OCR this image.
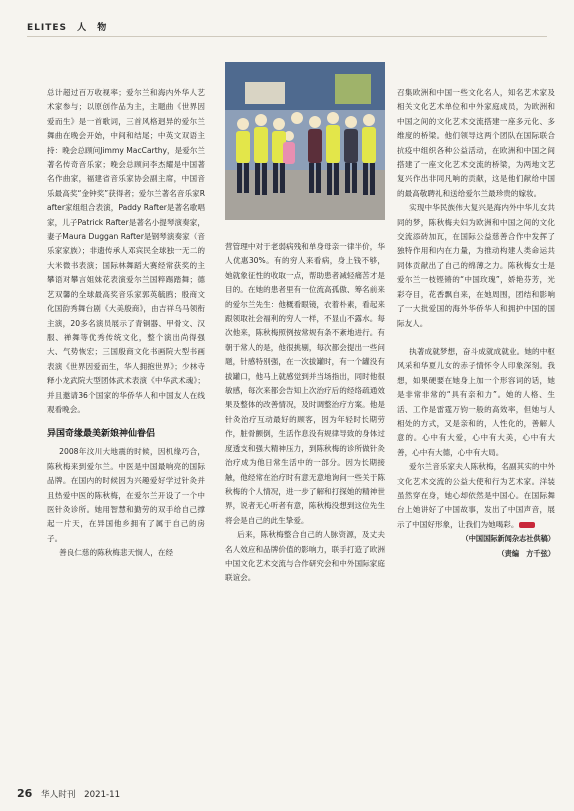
ELITES 人 物

总计超过百万收视率；爱尔兰和海内外华人艺术家参与；以原创作品为主，主题曲《世界因爱而生》是一首歌词，三首风格迥异的爱尔兰舞曲在晚会开始，中间和结尾；中英文双语主持：晚会总顾问Jimmy MacCarthy，是爱尔兰著名传奇音乐家；晚会总顾问李杰耀是中国著名作曲家，福建省音乐家协会副主席，中国音乐最高奖“金钟奖”获得者；爱尔兰著名音乐家Rafter家组组合表演，Paddy Rafter是著名歌唱家，儿子Patrick Rafter是著名小提琴演奏家，妻子Maura Duggan Rafter是钢琴演奏家（音乐家家族）；非遗传承人邓宾民全球独一无二的大米微书表演；国际林舞蹈大赛经常获奖的主攀语对攀言姐妹花表演爱尔兰国粹踢踏舞；德艺双馨的全球最高奖音乐家郭英毓鸥；殷商文化国韵秀舞台剧《大美殷商》，由吉祥乌马领衔主演，20多名演员展示了青铜器、甲骨文、汉服、禅舞等优秀传统文化，整个演出尚得强大、气势恢宏；三国殷商文化书画院大型书画表演《世界因爱而生，华人拥抱世界》；少林寺释小龙武院大型团体武术表演《中华武术魂》；并且邀请36个国家的华侨华人和中国友人在线观看晚会。

异国奇缘最美新娘神仙眷侣

2008年汶川大地震的时候，因机缘巧合，陈秋梅来到爱尔兰。中医是中国最响亮的国际品牌。在国内的时候因为兴趣爱好学过针灸并且热爱中医的陈秋梅，在爱尔兰开设了一个中医针灸诊所。她用智慧和勤劳的双手给自己撑起一片天，在异国他乡拥有了属于自己的房子。

善良仁慈的陈秋梅悲天悯人，在经

营管理中对于老弱病残和单身母亲一律半价，华人优惠30%。有的穷人来看病，身上钱不够，她就象征性的收取一点，帮助患者减轻痛苦才是目的。在她的患者里有一位流高孤傲、筹名前来的爱尔兰先生：他概看眼镜，衣着朴素，看起来跟领取社会福利的穷人一样，不显山不露水。每次他来，陈秋梅照例按常规有条不紊地进行。有朝于常人的是，他很挑剔，每次都会提出一些问题，针感特别强，在一次拔罐时，有一个罐没有拔罐口，他马上就感觉到并当场指出，同时他很敏感，每次来都会告知上次治疗后的经络疏通效果及整体的改善情况，及时调整治疗方案。他是针灸治疗互动最好的顾客，因为年轻时长期劳作，脏骨颤倒，生活作息没有规律导致的身体过度透支和强大精神压力，到陈秋梅的诊所做针灸治疗成为他日常生活中的一部分。因为长期接触，他经常在治疗时有意无意地询问一些关于陈秋梅的个人情况，进一步了解和打探她的精神世界，说者无心听者有意，陈秋梅没想到这位先生将会是自己的此生挚爱。

后来，陈秋梅整合自己的人脉资源，及丈夫名人效应和品牌价值的影响力，联手打造了欧洲中国文化艺术交流与合作研究会和中外国际家庭联谊会。

召集欧洲和中国一些文化名人，知名艺术家及相关文化艺术单位和中外家庭成员，为欧洲和中国之间的文化艺术交流搭建一座多元化、多维度的桥梁。他们领导这两个团队在国际联合抗疫中组织各种公益活动，在欧洲和中国之间搭建了一座文化艺术交流的桥梁，为两地文艺复兴作出非同凡响的贡献，这是他们献给中国的最高敬聘礼和送给爱尔兰最珍贵的嫁妆。

实现中华民族伟大复兴是海内外中华儿女共同的梦，陈秋梅夫妇为欧洲和中国之间的文化交流添砖加瓦，在国际公益慈善合作中发挥了独特作用和内在力量，为推动构建人类命运共同体贡献出了自己的绵薄之力。陈秋梅女士是爱尔兰一枝铿锵的“中国玫瑰”，娇艳芬芳，光彩夺目，花香飘自来，在她周围，团结和影响了一大批爱国的海外华侨华人和拥护中国的国际友人。

执著成就梦想，奋斗成就成就业。她的中枢风采和华夏儿女的赤子情怀令人印象深刻。我想，如果硬要在她身上加一个形容词的话，她是非常非常的“具有亲和力”。她的人格、生活、工作是雷霆万钧一般的高效率，但她与人相处的方式，又是亲和的，人性化的，善解人意的。心中有大爱，心中有大美，心中有大善，心中有大德，心中有大局。

爱尔兰音乐家夫人陈秋梅，名副其实的中外文化艺术交流的公益大使和行为艺术家。洋装虽然穿在身，她心却依然是中国心。在国际舞台上她讲好了中国故事，发出了中国声音，展示了中国好形象，让我们为她喝彩。

（中国国际新闻杂志社供稿）
（责编　方千弦）
26 华人时刊 2021-11
